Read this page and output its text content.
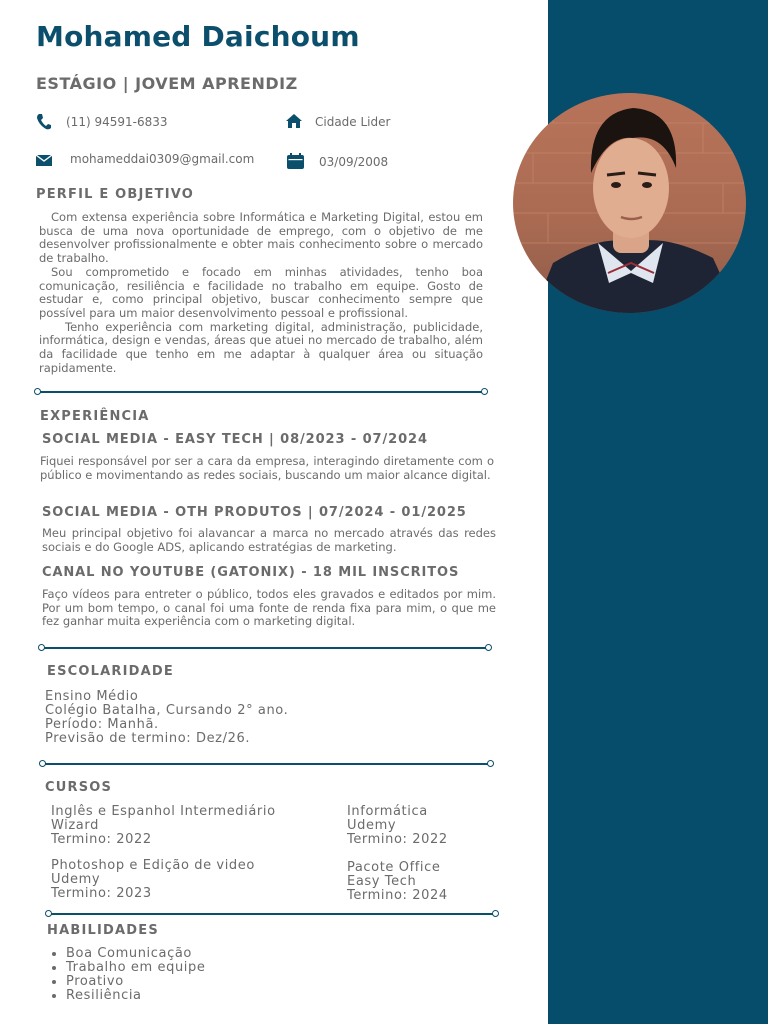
Mohamed Daichoum
ESTÁGIO | JOVEM APRENDIZ
(11) 94591-6833	Cidade Lider
mohameddai0309@gmail.com	03/09/2008
PERFIL E OBJETIVO

Com extensa experiência sobre Informática e Marketing Digital, estou em busca de uma nova oportunidade de emprego, com o objetivo de me desenvolver profissionalmente e obter mais conhecimento sobre o mercado de trabalho.

Sou comprometido e focado em minhas atividades, tenho boa comunicação, resiliência e facilidade no trabalho em equipe. Gosto de estudar e, como principal objetivo, buscar conhecimento sempre que possível para um maior desenvolvimento pessoal e profissional.

Tenho experiência com marketing digital, administração, publicidade, informática, design e vendas, áreas que atuei no mercado de trabalho, além da facilidade que tenho em me adaptar à qualquer área ou situação rapidamente.

EXPERIÊNCIA
SOCIAL MEDIA - EASY TECH | 08/2023 - 07/2024
Fiquei responsável por ser a cara da empresa, interagindo diretamente com o público e movimentando as redes sociais, buscando um maior alcance digital.
SOCIAL MEDIA - OTH PRODUTOS | 07/2024 - 01/2025
Meu principal objetivo foi alavancar a marca no mercado através das redes sociais e do Google ADS, aplicando estratégias de marketing.
CANAL NO YOUTUBE (GATONIX) - 18 MIL INSCRITOS
Faço vídeos para entreter o público, todos eles gravados e editados por mim. Por um bom tempo, o canal foi uma fonte de renda fixa para mim, o que me fez ganhar muita experiência com o marketing digital.
ESCOLARIDADE
Ensino Médio
Colégio Batalha, Cursando 2° ano.
Período: Manhã.
Previsão de termino: Dez/26.
CURSOS
Inglês e Espanhol Intermediário
Wizard
Termino: 2022
Informática
Udemy
Termino: 2022
Photoshop e Edição de video
Udemy
Termino: 2023
Pacote Office
Easy Tech
Termino: 2024
HABILIDADES
• Boa Comunicação
• Trabalho em equipe
• Proativo
• Resiliência
